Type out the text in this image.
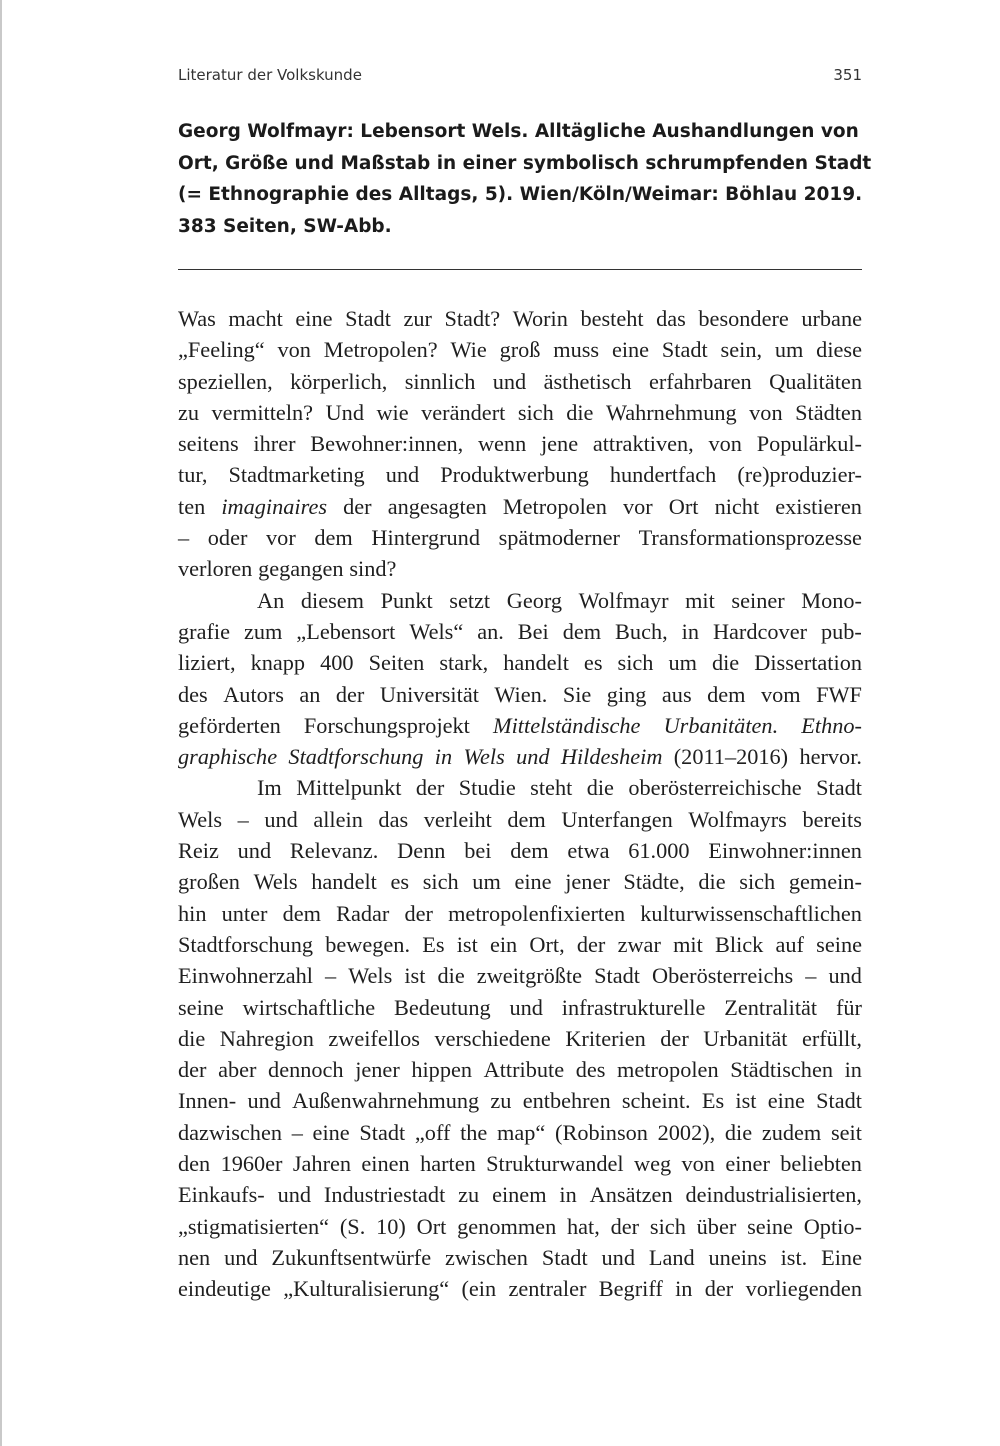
Literatur der Volkskunde	351
Georg Wolfmayr: Lebensort Wels. Alltägliche Aushandlungen von
Ort, Größe und Maßstab in einer symbolisch schrumpfenden Stadt
(= Ethnographie des Alltags, 5). Wien/Köln/Weimar: Böhlau 2019.
383 Seiten, SW-Abb.
Was macht eine Stadt zur Stadt? Worin besteht das besondere urbane
„Feeling“ von Metropolen? Wie groß muss eine Stadt sein, um diese
speziellen, körperlich, sinnlich und ästhetisch erfahrbaren Qualitäten
zu vermitteln? Und wie verändert sich die Wahrnehmung von Städten
seitens ihrer Bewohner:innen, wenn jene attraktiven, von Populärkul-
tur, Stadtmarketing und Produktwerbung hundertfach (re)produzier-
ten imaginaires der angesagten Metropolen vor Ort nicht existieren
– oder vor dem Hintergrund spätmoderner Transformationsprozesse
verloren gegangen sind?
An diesem Punkt setzt Georg Wolfmayr mit seiner Mono-
grafie zum „Lebensort Wels“ an. Bei dem Buch, in Hardcover pub-
liziert, knapp 400 Seiten stark, handelt es sich um die Dissertation
des Autors an der Universität Wien. Sie ging aus dem vom FWF
geförderten Forschungsprojekt Mittelständische Urbanitäten. Ethno-
graphische Stadtforschung in Wels und Hildesheim (2011–2016) hervor.
Im Mittelpunkt der Studie steht die oberösterreichische Stadt
Wels – und allein das verleiht dem Unterfangen Wolfmayrs bereits
Reiz und Relevanz. Denn bei dem etwa 61.000 Einwohner:innen
großen Wels handelt es sich um eine jener Städte, die sich gemein-
hin unter dem Radar der metropolenfixierten kulturwissenschaftlichen
Stadtforschung bewegen. Es ist ein Ort, der zwar mit Blick auf seine
Einwohnerzahl – Wels ist die zweitgrößte Stadt Oberösterreichs – und
seine wirtschaftliche Bedeutung und infrastrukturelle Zentralität für
die Nahregion zweifellos verschiedene Kriterien der Urbanität erfüllt,
der aber dennoch jener hippen Attribute des metropolen Städtischen in
Innen- und Außenwahrnehmung zu entbehren scheint. Es ist eine Stadt
dazwischen – eine Stadt „off the map“ (Robinson 2002), die zudem seit
den 1960er Jahren einen harten Strukturwandel weg von einer beliebten
Einkaufs- und Industriestadt zu einem in Ansätzen deindustrialisierten,
„stigmatisierten“ (S. 10) Ort genommen hat, der sich über seine Optio-
nen und Zukunftsentwürfe zwischen Stadt und Land uneins ist. Eine
eindeutige „Kulturalisierung“ (ein zentraler Begriff in der vorliegenden
